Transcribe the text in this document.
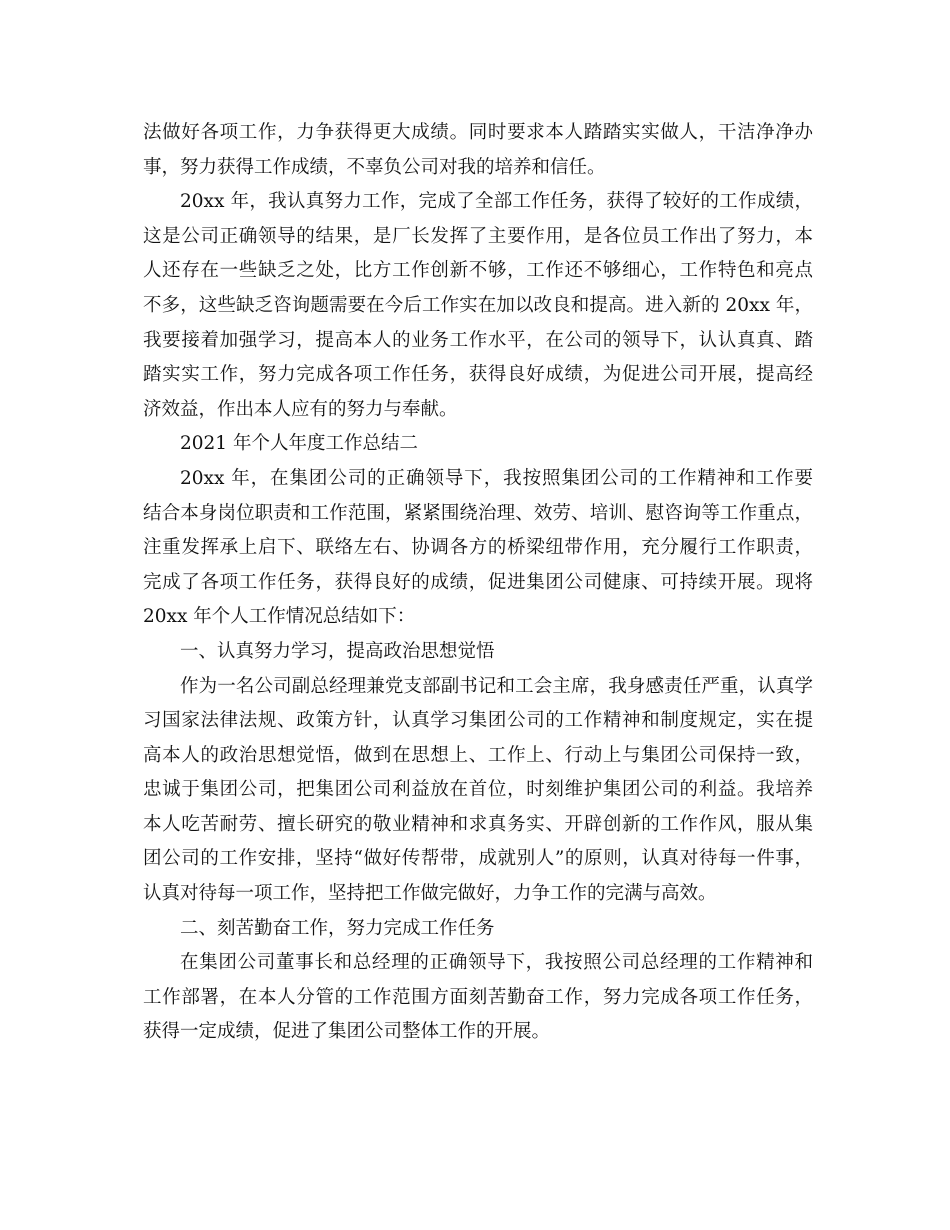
法做好各项工作，力争获得更大成绩。同时要求本人踏踏实实做人，干洁净净办
事，努力获得工作成绩，不辜负公司对我的培养和信任。
20xx 年，我认真努力工作，完成了全部工作任务，获得了较好的工作成绩，
这是公司正确领导的结果，是厂长发挥了主要作用，是各位员工作出了努力，本
人还存在一些缺乏之处，比方工作创新不够，工作还不够细心，工作特色和亮点
不多，这些缺乏咨询题需要在今后工作实在加以改良和提高。进入新的 20xx 年，
我要接着加强学习，提高本人的业务工作水平，在公司的领导下，认认真真、踏
踏实实工作，努力完成各项工作任务，获得良好成绩，为促进公司开展，提高经
济效益，作出本人应有的努力与奉献。
2021 年个人年度工作总结二
20xx 年，在集团公司的正确领导下，我按照集团公司的工作精神和工作要
结合本身岗位职责和工作范围，紧紧围绕治理、效劳、培训、慰咨询等工作重点，
注重发挥承上启下、联络左右、协调各方的桥梁纽带作用，充分履行工作职责，
完成了各项工作任务，获得良好的成绩，促进集团公司健康、可持续开展。现将
20xx 年个人工作情况总结如下：
一、认真努力学习，提高政治思想觉悟
作为一名公司副总经理兼党支部副书记和工会主席，我身感责任严重，认真学
习国家法律法规、政策方针，认真学习集团公司的工作精神和制度规定，实在提
高本人的政治思想觉悟，做到在思想上、工作上、行动上与集团公司保持一致，
忠诚于集团公司，把集团公司利益放在首位，时刻维护集团公司的利益。我培养
本人吃苦耐劳、擅长研究的敬业精神和求真务实、开辟创新的工作作风，服从集
团公司的工作安排，坚持“做好传帮带，成就别人”的原则，认真对待每一件事，
认真对待每一项工作，坚持把工作做完做好，力争工作的完满与高效。
二、刻苦勤奋工作，努力完成工作任务
在集团公司董事长和总经理的正确领导下，我按照公司总经理的工作精神和
工作部署，在本人分管的工作范围方面刻苦勤奋工作，努力完成各项工作任务，
获得一定成绩，促进了集团公司整体工作的开展。
